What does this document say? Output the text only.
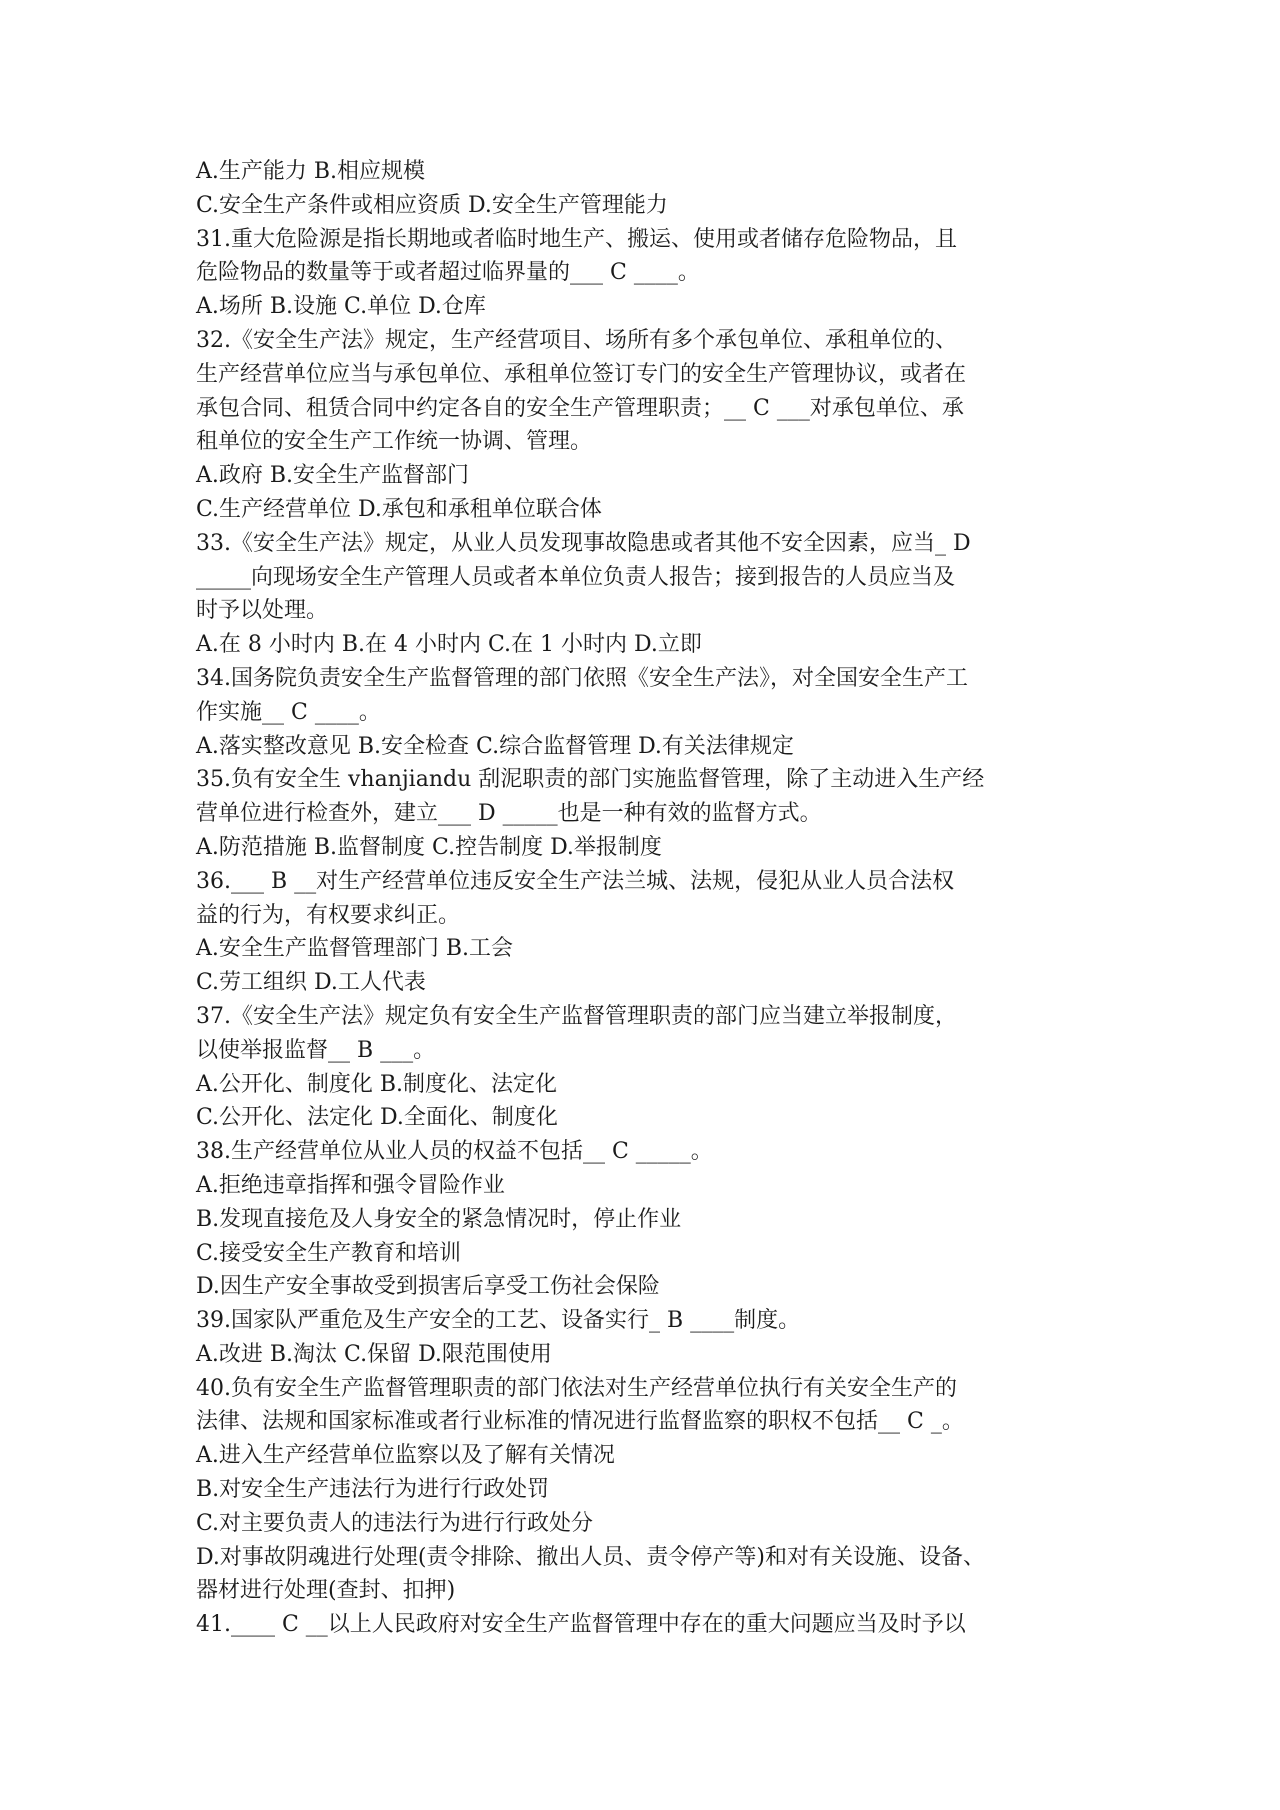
A.生产能力 B.相应规模
C.安全生产条件或相应资质 D.安全生产管理能力
31.重大危险源是指长期地或者临时地生产、搬运、使用或者储存危险物品，且
危险物品的数量等于或者超过临界量的___ C ____。
A.场所 B.设施 C.单位 D.仓库
32.《安全生产法》规定，生产经营项目、场所有多个承包单位、承租单位的、
生产经营单位应当与承包单位、承租单位签订专门的安全生产管理协议，或者在
承包合同、租赁合同中约定各自的安全生产管理职责；__ C ___对承包单位、承
租单位的安全生产工作统一协调、管理。
A.政府 B.安全生产监督部门
C.生产经营单位 D.承包和承租单位联合体
33.《安全生产法》规定，从业人员发现事故隐患或者其他不安全因素，应当_ D
_____向现场安全生产管理人员或者本单位负责人报告；接到报告的人员应当及
时予以处理。
A.在 8 小时内 B.在 4 小时内 C.在 1 小时内 D.立即
34.国务院负责安全生产监督管理的部门依照《安全生产法》，对全国安全生产工
作实施__ C ____。
A.落实整改意见 B.安全检查 C.综合监督管理 D.有关法律规定
35.负有安全生 vhanjiandu 刮泥职责的部门实施监督管理，除了主动进入生产经
营单位进行检查外，建立___ D _____也是一种有效的监督方式。
A.防范措施 B.监督制度 C.控告制度 D.举报制度
36.___ B __对生产经营单位违反安全生产法兰城、法规，侵犯从业人员合法权
益的行为，有权要求纠正。
A.安全生产监督管理部门 B.工会
C.劳工组织 D.工人代表
37.《安全生产法》规定负有安全生产监督管理职责的部门应当建立举报制度，
以使举报监督__ B ___。
A.公开化、制度化 B.制度化、法定化
C.公开化、法定化 D.全面化、制度化
38.生产经营单位从业人员的权益不包括__ C _____。
A.拒绝违章指挥和强令冒险作业
B.发现直接危及人身安全的紧急情况时，停止作业
C.接受安全生产教育和培训
D.因生产安全事故受到损害后享受工伤社会保险
39.国家队严重危及生产安全的工艺、设备实行_ B ____制度。
A.改进 B.淘汰 C.保留 D.限范围使用
40.负有安全生产监督管理职责的部门依法对生产经营单位执行有关安全生产的
法律、法规和国家标准或者行业标准的情况进行监督监察的职权不包括__ C _。
A.进入生产经营单位监察以及了解有关情况
B.对安全生产违法行为进行行政处罚
C.对主要负责人的违法行为进行行政处分
D.对事故阴魂进行处理(责令排除、撤出人员、责令停产等)和对有关设施、设备、
器材进行处理(查封、扣押)
41.____ C __以上人民政府对安全生产监督管理中存在的重大问题应当及时予以
